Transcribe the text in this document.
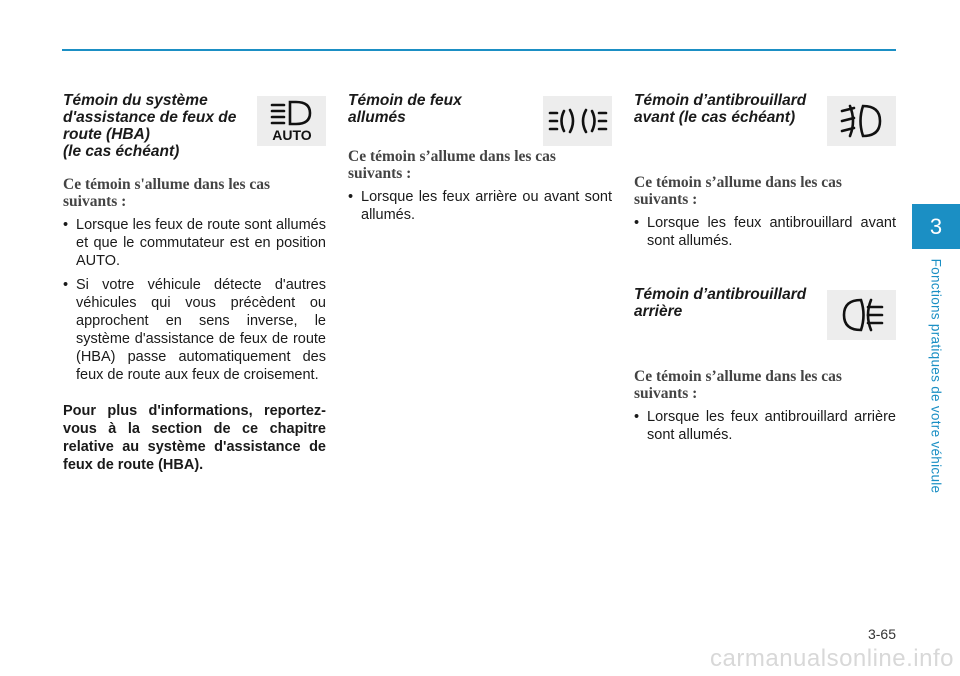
Témoin du système
d'assistance de feux de
route (HBA)
(le cas échéant)
AUTO
Ce témoin s'allume dans les cas
suivants :
• Lorsque les feux de route sont allumés et que le commutateur est en position AUTO.
• Si votre véhicule détecte d'autres véhicules qui vous précèdent ou approchent en sens inverse, le système d'assistance de feux de route (HBA) passe automatiquement des feux de route aux feux de croisement.

Pour plus d'informations, reportez-vous à la section de ce chapitre relative au système d'assistance de feux de route (HBA).

Témoin de feux
allumés
Ce témoin s’allume dans les cas
suivants :
• Lorsque les feux arrière ou avant sont allumés.
Témoin d’antibrouillard
avant (le cas échéant)
Ce témoin s’allume dans les cas
suivants :
• Lorsque les feux antibrouillard avant sont allumés.
Témoin d’antibrouillard
arrière
Ce témoin s’allume dans les cas
suivants :
• Lorsque les feux antibrouillard arrière sont allumés.
3
Fonctions pratiques de votre véhicule
3-65
carmanualsonline.info
